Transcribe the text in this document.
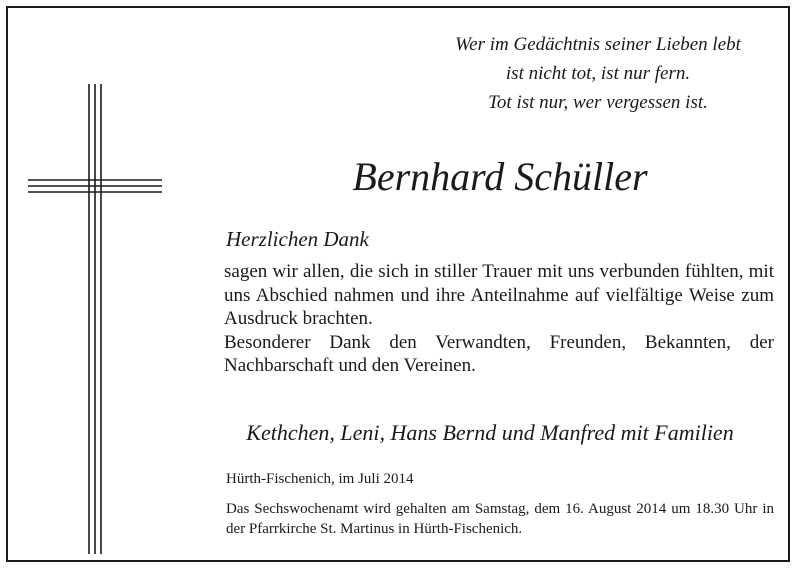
Wer im Gedächtnis seiner Lieben lebt
ist nicht tot, ist nur fern.
Tot ist nur, wer vergessen ist.
Bernhard Schüller
Herzlichen Dank

sagen wir allen, die sich in stiller Trauer mit uns verbunden fühlten, mit uns Abschied nahmen und ihre Anteilnahme auf vielfältige Weise zum Ausdruck brachten.

Besonderer Dank den Verwandten, Freunden, Bekannten, der Nachbarschaft und den Vereinen.

Kethchen, Leni, Hans Bernd und Manfred mit Familien
Hürth-Fischenich, im Juli 2014
Das Sechswochenamt wird gehalten am Samstag, dem 16. August 2014 um 18.30 Uhr in der Pfarrkirche St. Martinus in Hürth-Fischenich.
